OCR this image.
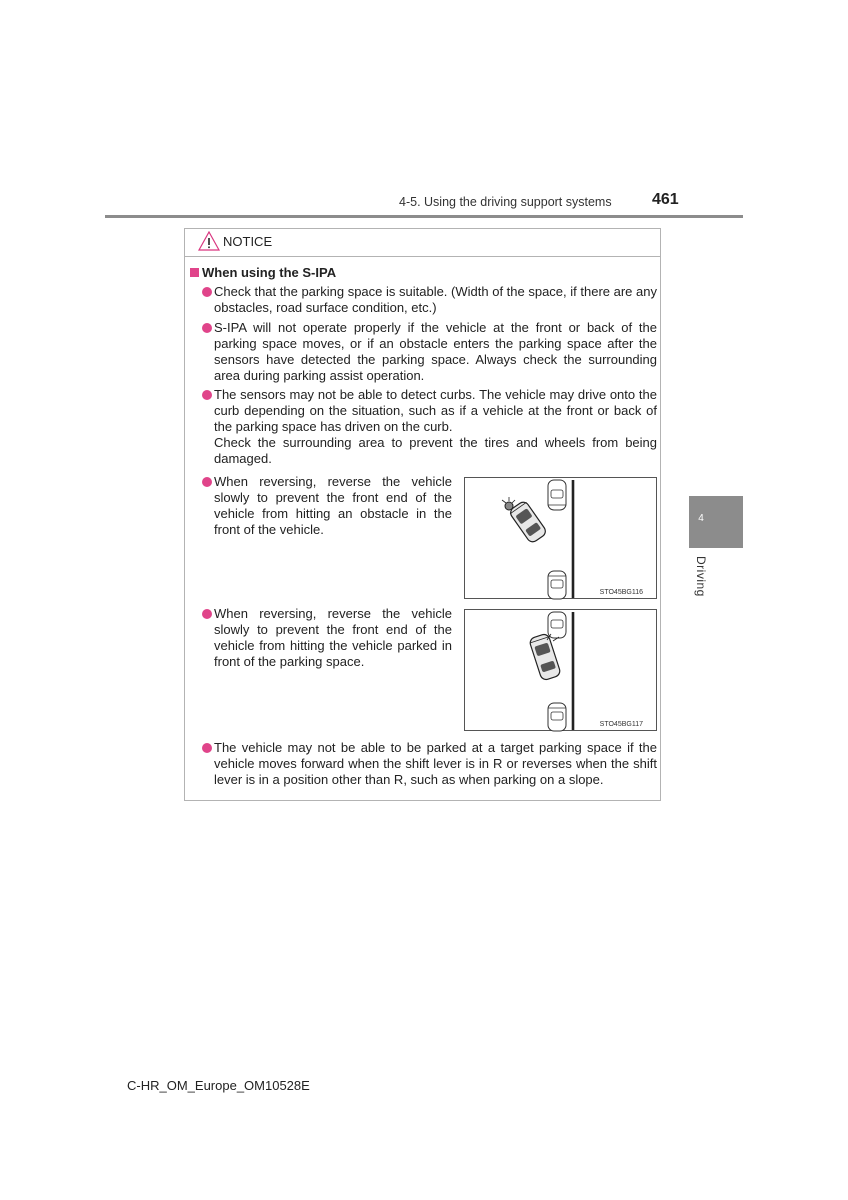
4-5. Using the driving support systems	461
4
Driving
NOTICE
When using the S-IPA
Check that the parking space is suitable. (Width of the space, if there are any obstacles, road surface condition, etc.)
S-IPA will not operate properly if the vehicle at the front or back of the parking space moves, or if an obstacle enters the parking space after the sensors have detected the parking space. Always check the surrounding area during parking assist operation.
The sensors may not be able to detect curbs. The vehicle may drive onto the curb depending on the situation, such as if a vehicle at the front or back of the parking space has driven on the curb.
Check the surrounding area to prevent the tires and wheels from being damaged.
When reversing, reverse the vehicle slowly to prevent the front end of the vehicle from hitting an obstacle in the front of the vehicle.
STO45BG116
When reversing, reverse the vehicle slowly to prevent the front end of the vehicle from hitting the vehicle parked in front of the parking space.
STO45BG117
The vehicle may not be able to be parked at a target parking space if the vehicle moves forward when the shift lever is in R or reverses when the shift lever is in a position other than R, such as when parking on a slope.
C-HR_OM_Europe_OM10528E
